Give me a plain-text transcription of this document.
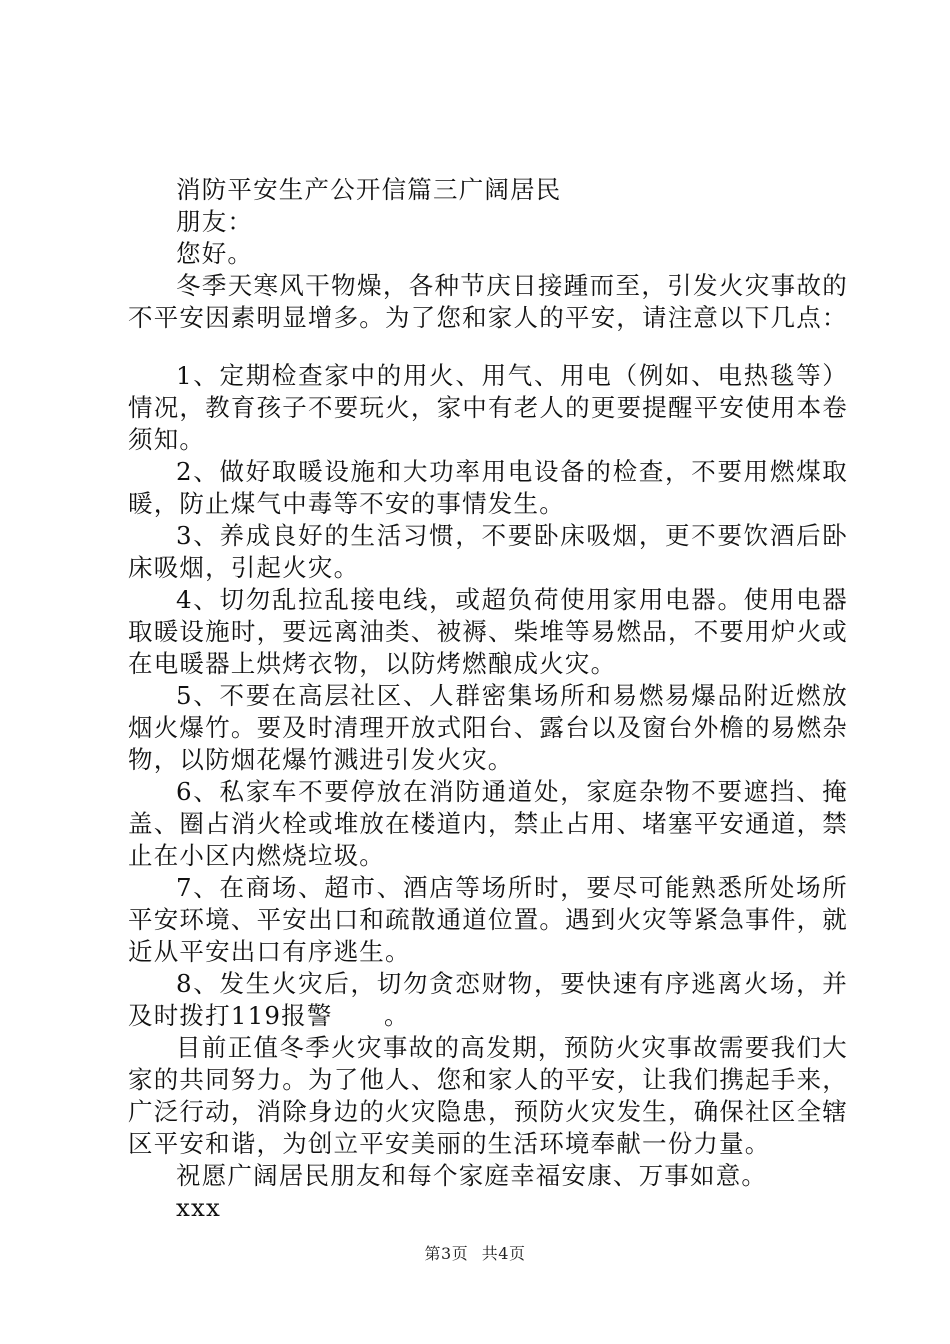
消防平安生产公开信篇三广阔居民

朋友：

您好。

冬季天寒风干物燥，各种节庆日接踵而至，引发火灾事故的不平安因素明显增多。为了您和家人的平安，请注意以下几点：

1、定期检查家中的用火、用气、用电（例如、电热毯等）情况，教育孩子不要玩火，家中有老人的更要提醒平安使用本卷须知。

2、做好取暖设施和大功率用电设备的检查，不要用燃煤取暖，防止煤气中毒等不安的事情发生。

3、养成良好的生活习惯，不要卧床吸烟，更不要饮酒后卧床吸烟，引起火灾。

4、切勿乱拉乱接电线，或超负荷使用家用电器。使用电器取暖设施时，要远离油类、被褥、柴堆等易燃品，不要用炉火或在电暖器上烘烤衣物，以防烤燃酿成火灾。

5、不要在高层社区、人群密集场所和易燃易爆品附近燃放烟火爆竹。要及时清理开放式阳台、露台以及窗台外檐的易燃杂物，以防烟花爆竹溅进引发火灾。

6、私家车不要停放在消防通道处，家庭杂物不要遮挡、掩盖、圈占消火栓或堆放在楼道内，禁止占用、堵塞平安通道，禁止在小区内燃烧垃圾。

7、在商场、超市、酒店等场所时，要尽可能熟悉所处场所平安环境、平安出口和疏散通道位置。遇到火灾等紧急事件，就近从平安出口有序逃生。

8、发生火灾后，切勿贪恋财物，要快速有序逃离火场，并及时拨打119报警　　。

目前正值冬季火灾事故的高发期，预防火灾事故需要我们大家的共同努力。为了他人、您和家人的平安，让我们携起手来，广泛行动，消除身边的火灾隐患，预防火灾发生，确保社区全辖区平安和谐，为创立平安美丽的生活环境奉献一份力量。

祝愿广阔居民朋友和每个家庭幸福安康、万事如意。

xxx

第3页 共4页
